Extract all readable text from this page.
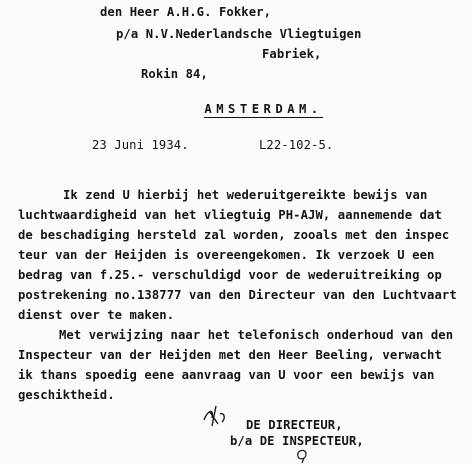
den Heer A.H.G. Fokker,
p/a N.V.Nederlandsche Vliegtuigen
Fabriek,
Rokin 84,

AMSTERDAM.

23 Juni 1934.	L22-102-5.
Ik zend U hierbij het wederuitgereikte bewijs van
luchtwaardigheid van het vliegtuig PH-AJW, aannemende dat
de beschadiging hersteld zal worden, zooals met den inspec
teur van der Heijden is overeengekomen. Ik verzoek U een
bedrag van f.25.- verschuldigd voor de wederuitreiking op
postrekening no.138777 van den Directeur van den Luchtvaart
dienst over te maken.
Met verwijzing naar het telefonisch onderhoud van den
Inspecteur van der Heijden met den Heer Beeling, verwacht
ik thans spoedig eene aanvraag van U voor een bewijs van
geschiktheid.
DE DIRECTEUR,
b/a DE INSPECTEUR,
